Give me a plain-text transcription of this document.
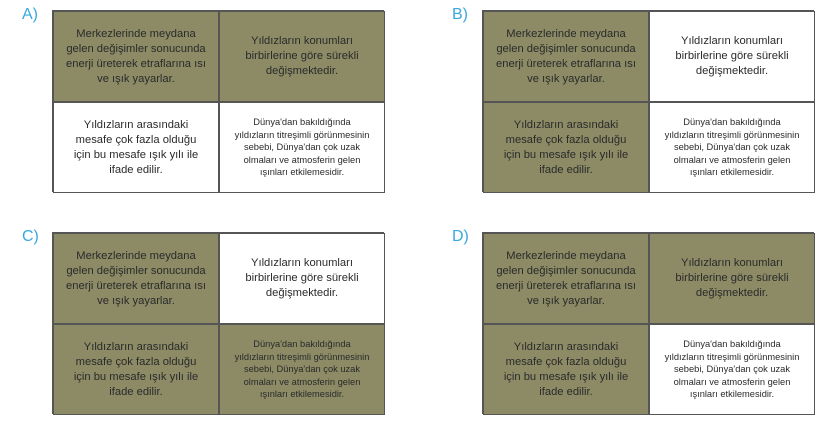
A)
Merkezlerinde meydana
gelen değişimler sonucunda
enerji üreterek etraflarına ısı
ve ışık yayarlar.
Yıldızların konumları
birbirlerine göre sürekli
değişmektedir.
Yıldızların arasındaki
mesafe çok fazla olduğu
için bu mesafe ışık yılı ile
ifade edilir.
Dünya'dan bakıldığında
yıldızların titreşimli görünmesinin
sebebi, Dünya'dan çok uzak
olmaları ve atmosferin gelen
ışınları etkilemesidir.
B)
Merkezlerinde meydana
gelen değişimler sonucunda
enerji üreterek etraflarına ısı
ve ışık yayarlar.
Yıldızların konumları
birbirlerine göre sürekli
değişmektedir.
Yıldızların arasındaki
mesafe çok fazla olduğu
için bu mesafe ışık yılı ile
ifade edilir.
Dünya'dan bakıldığında
yıldızların titreşimli görünmesinin
sebebi, Dünya'dan çok uzak
olmaları ve atmosferin gelen
ışınları etkilemesidir.
C)
Merkezlerinde meydana
gelen değişimler sonucunda
enerji üreterek etraflarına ısı
ve ışık yayarlar.
Yıldızların konumları
birbirlerine göre sürekli
değişmektedir.
Yıldızların arasındaki
mesafe çok fazla olduğu
için bu mesafe ışık yılı ile
ifade edilir.
Dünya'dan bakıldığında
yıldızların titreşimli görünmesinin
sebebi, Dünya'dan çok uzak
olmaları ve atmosferin gelen
ışınları etkilemesidir.
D)
Merkezlerinde meydana
gelen değişimler sonucunda
enerji üreterek etraflarına ısı
ve ışık yayarlar.
Yıldızların konumları
birbirlerine göre sürekli
değişmektedir.
Yıldızların arasındaki
mesafe çok fazla olduğu
için bu mesafe ışık yılı ile
ifade edilir.
Dünya'dan bakıldığında
yıldızların titreşimli görünmesinin
sebebi, Dünya'dan çok uzak
olmaları ve atmosferin gelen
ışınları etkilemesidir.
